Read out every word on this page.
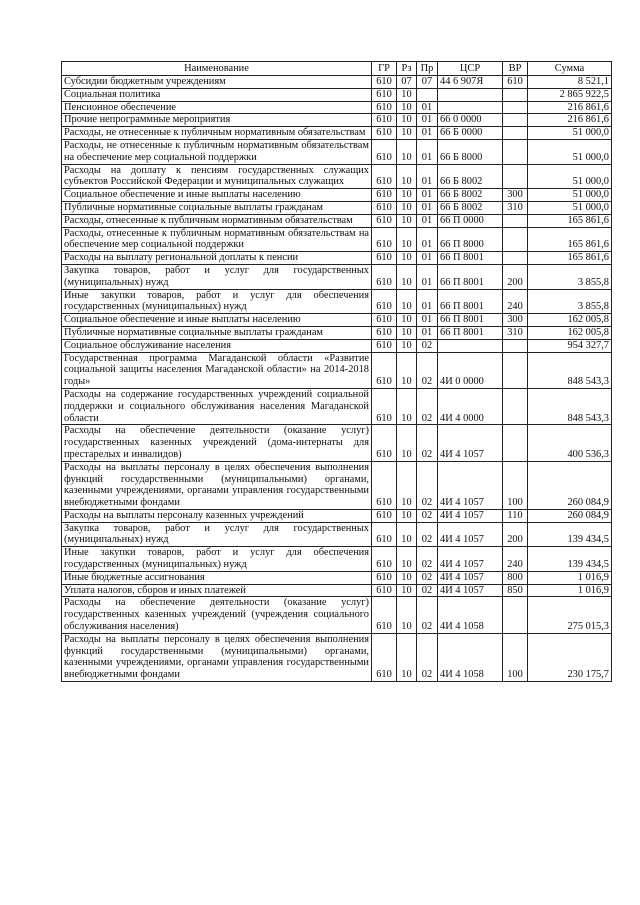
Наименование	ГР	Рз	Пр	ЦСР	ВР	Сумма
Субсидии бюджетным учреждениям	610	07	07	44 6 907Я	610	8 521,1
Социальная политика	610	10				2 865 922,5
Пенсионное обеспечение	610	10	01			216 861,6
Прочие непрограммные мероприятия	610	10	01	66 0 0000		216 861,6
Расходы, не отнесенные к публичным нормативным обязательствам	610	10	01	66 Б 0000		51 000,0
Расходы, не отнесенные к публичным нормативным обязательствам на обеспечение мер социальной поддержки	610	10	01	66 Б 8000		51 000,0
Расходы на доплату к пенсиям государственных служащих субъектов Российской Федерации и муниципальных служащих	610	10	01	66 Б 8002		51 000,0
Социальное обеспечение и иные выплаты населению	610	10	01	66 Б 8002	300	51 000,0
Публичные нормативные социальные выплаты гражданам	610	10	01	66 Б 8002	310	51 000,0
Расходы, отнесенные к публичным нормативным обязательствам	610	10	01	66 П 0000		165 861,6
Расходы, отнесенные к публичным нормативным обязательствам на обеспечение мер социальной поддержки	610	10	01	66 П 8000		165 861,6
Расходы на выплату региональной доплаты к пенсии	610	10	01	66 П 8001		165 861,6
Закупка товаров, работ и услуг для государственных (муниципальных) нужд	610	10	01	66 П 8001	200	3 855,8
Иные закупки товаров, работ и услуг для обеспечения государственных (муниципальных) нужд	610	10	01	66 П 8001	240	3 855,8
Социальное обеспечение и иные выплаты населению	610	10	01	66 П 8001	300	162 005,8
Публичные нормативные социальные выплаты гражданам	610	10	01	66 П 8001	310	162 005,8
Социальное обслуживание населения	610	10	02			954 327,7
Государственная программа Магаданской области «Развитие социальной защиты населения Магаданской области» на 2014-2018 годы»	610	10	02	4И 0 0000		848 543,3
Расходы на содержание государственных учреждений социальной поддержки и социального обслуживания населения Магаданской области	610	10	02	4И 4 0000		848 543,3
Расходы на обеспечение деятельности (оказание услуг) государственных казенных учреждений (дома-интернаты для престарелых и инвалидов)	610	10	02	4И 4 1057		400 536,3
Расходы на выплаты персоналу в целях обеспечения выполнения функций государственными (муниципальными) органами, казенными учреждениями, органами управления государственными внебюджетными фондами	610	10	02	4И 4 1057	100	260 084,9
Расходы на выплаты персоналу казенных учреждений	610	10	02	4И 4 1057	110	260 084,9
Закупка товаров, работ и услуг для государственных (муниципальных) нужд	610	10	02	4И 4 1057	200	139 434,5
Иные закупки товаров, работ и услуг для обеспечения государственных (муниципальных) нужд	610	10	02	4И 4 1057	240	139 434,5
Иные бюджетные ассигнования	610	10	02	4И 4 1057	800	1 016,9
Уплата налогов, сборов и иных платежей	610	10	02	4И 4 1057	850	1 016,9
Расходы на обеспечение деятельности (оказание услуг) государственных казенных учреждений (учреждения социального обслуживания населения)	610	10	02	4И 4 1058		275 015,3
Расходы на выплаты персоналу в целях обеспечения выполнения функций государственными (муниципальными) органами, казенными учреждениями, органами управления государственными внебюджетными фондами	610	10	02	4И 4 1058	100	230 175,7
